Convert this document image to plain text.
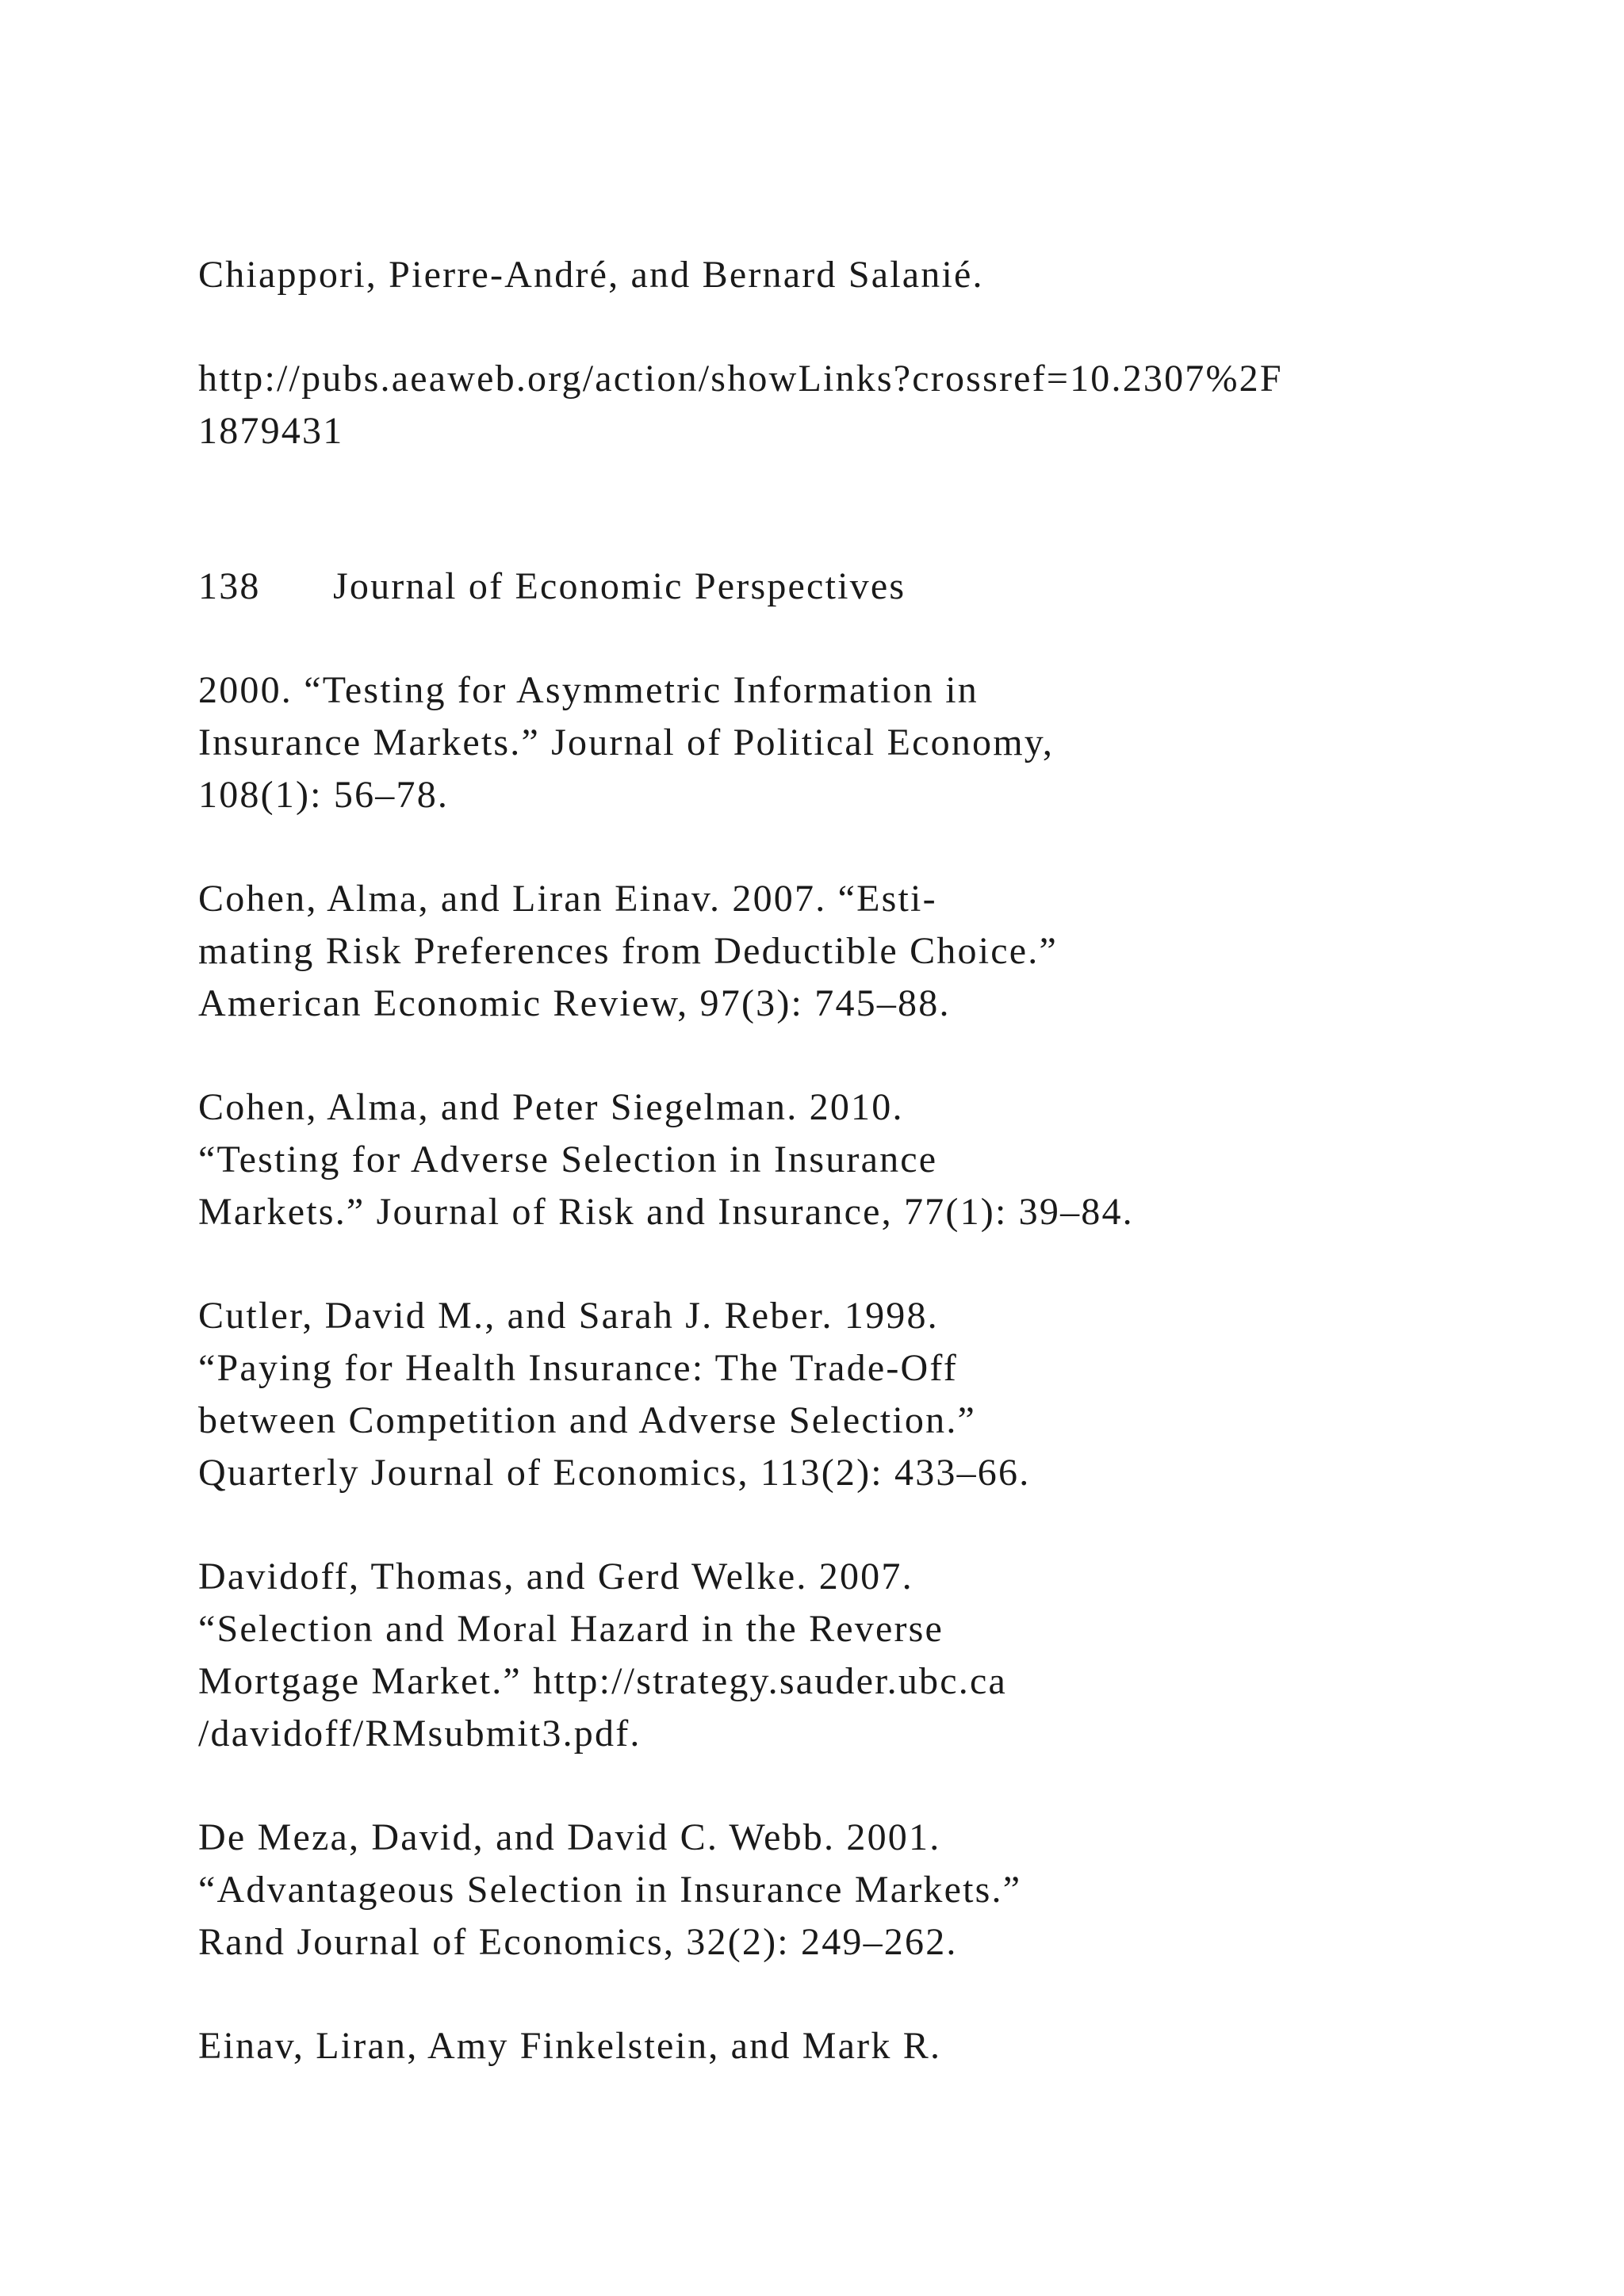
Chiappori, Pierre-André, and Bernard Salanié.

http://pubs.aeaweb.org/action/showLinks?crossref=10.2307%2F

1879431

138 Journal of Economic Perspectives

2000. “Testing for Asymmetric Information in

Insurance Markets.” Journal of Political Economy,

108(1): 56–78.

Cohen, Alma, and Liran Einav. 2007. “Esti-

mating Risk Preferences from Deductible Choice.”

American Economic Review, 97(3): 745–88.

Cohen, Alma, and Peter Siegelman. 2010.

“Testing for Adverse Selection in Insurance

Markets.” Journal of Risk and Insurance, 77(1): 39–84.

Cutler, David M., and Sarah J. Reber. 1998.

“Paying for Health Insurance: The Trade-Off

between Competition and Adverse Selection.”

Quarterly Journal of Economics, 113(2): 433–66.

Davidoff, Thomas, and Gerd Welke. 2007.

“Selection and Moral Hazard in the Reverse

Mortgage Market.” http://strategy.sauder.ubc.ca

/davidoff/RMsubmit3.pdf.

De Meza, David, and David C. Webb. 2001.

“Advantageous Selection in Insurance Markets.”

Rand Journal of Economics, 32(2): 249–262.

Einav, Liran, Amy Finkelstein, and Mark R.
